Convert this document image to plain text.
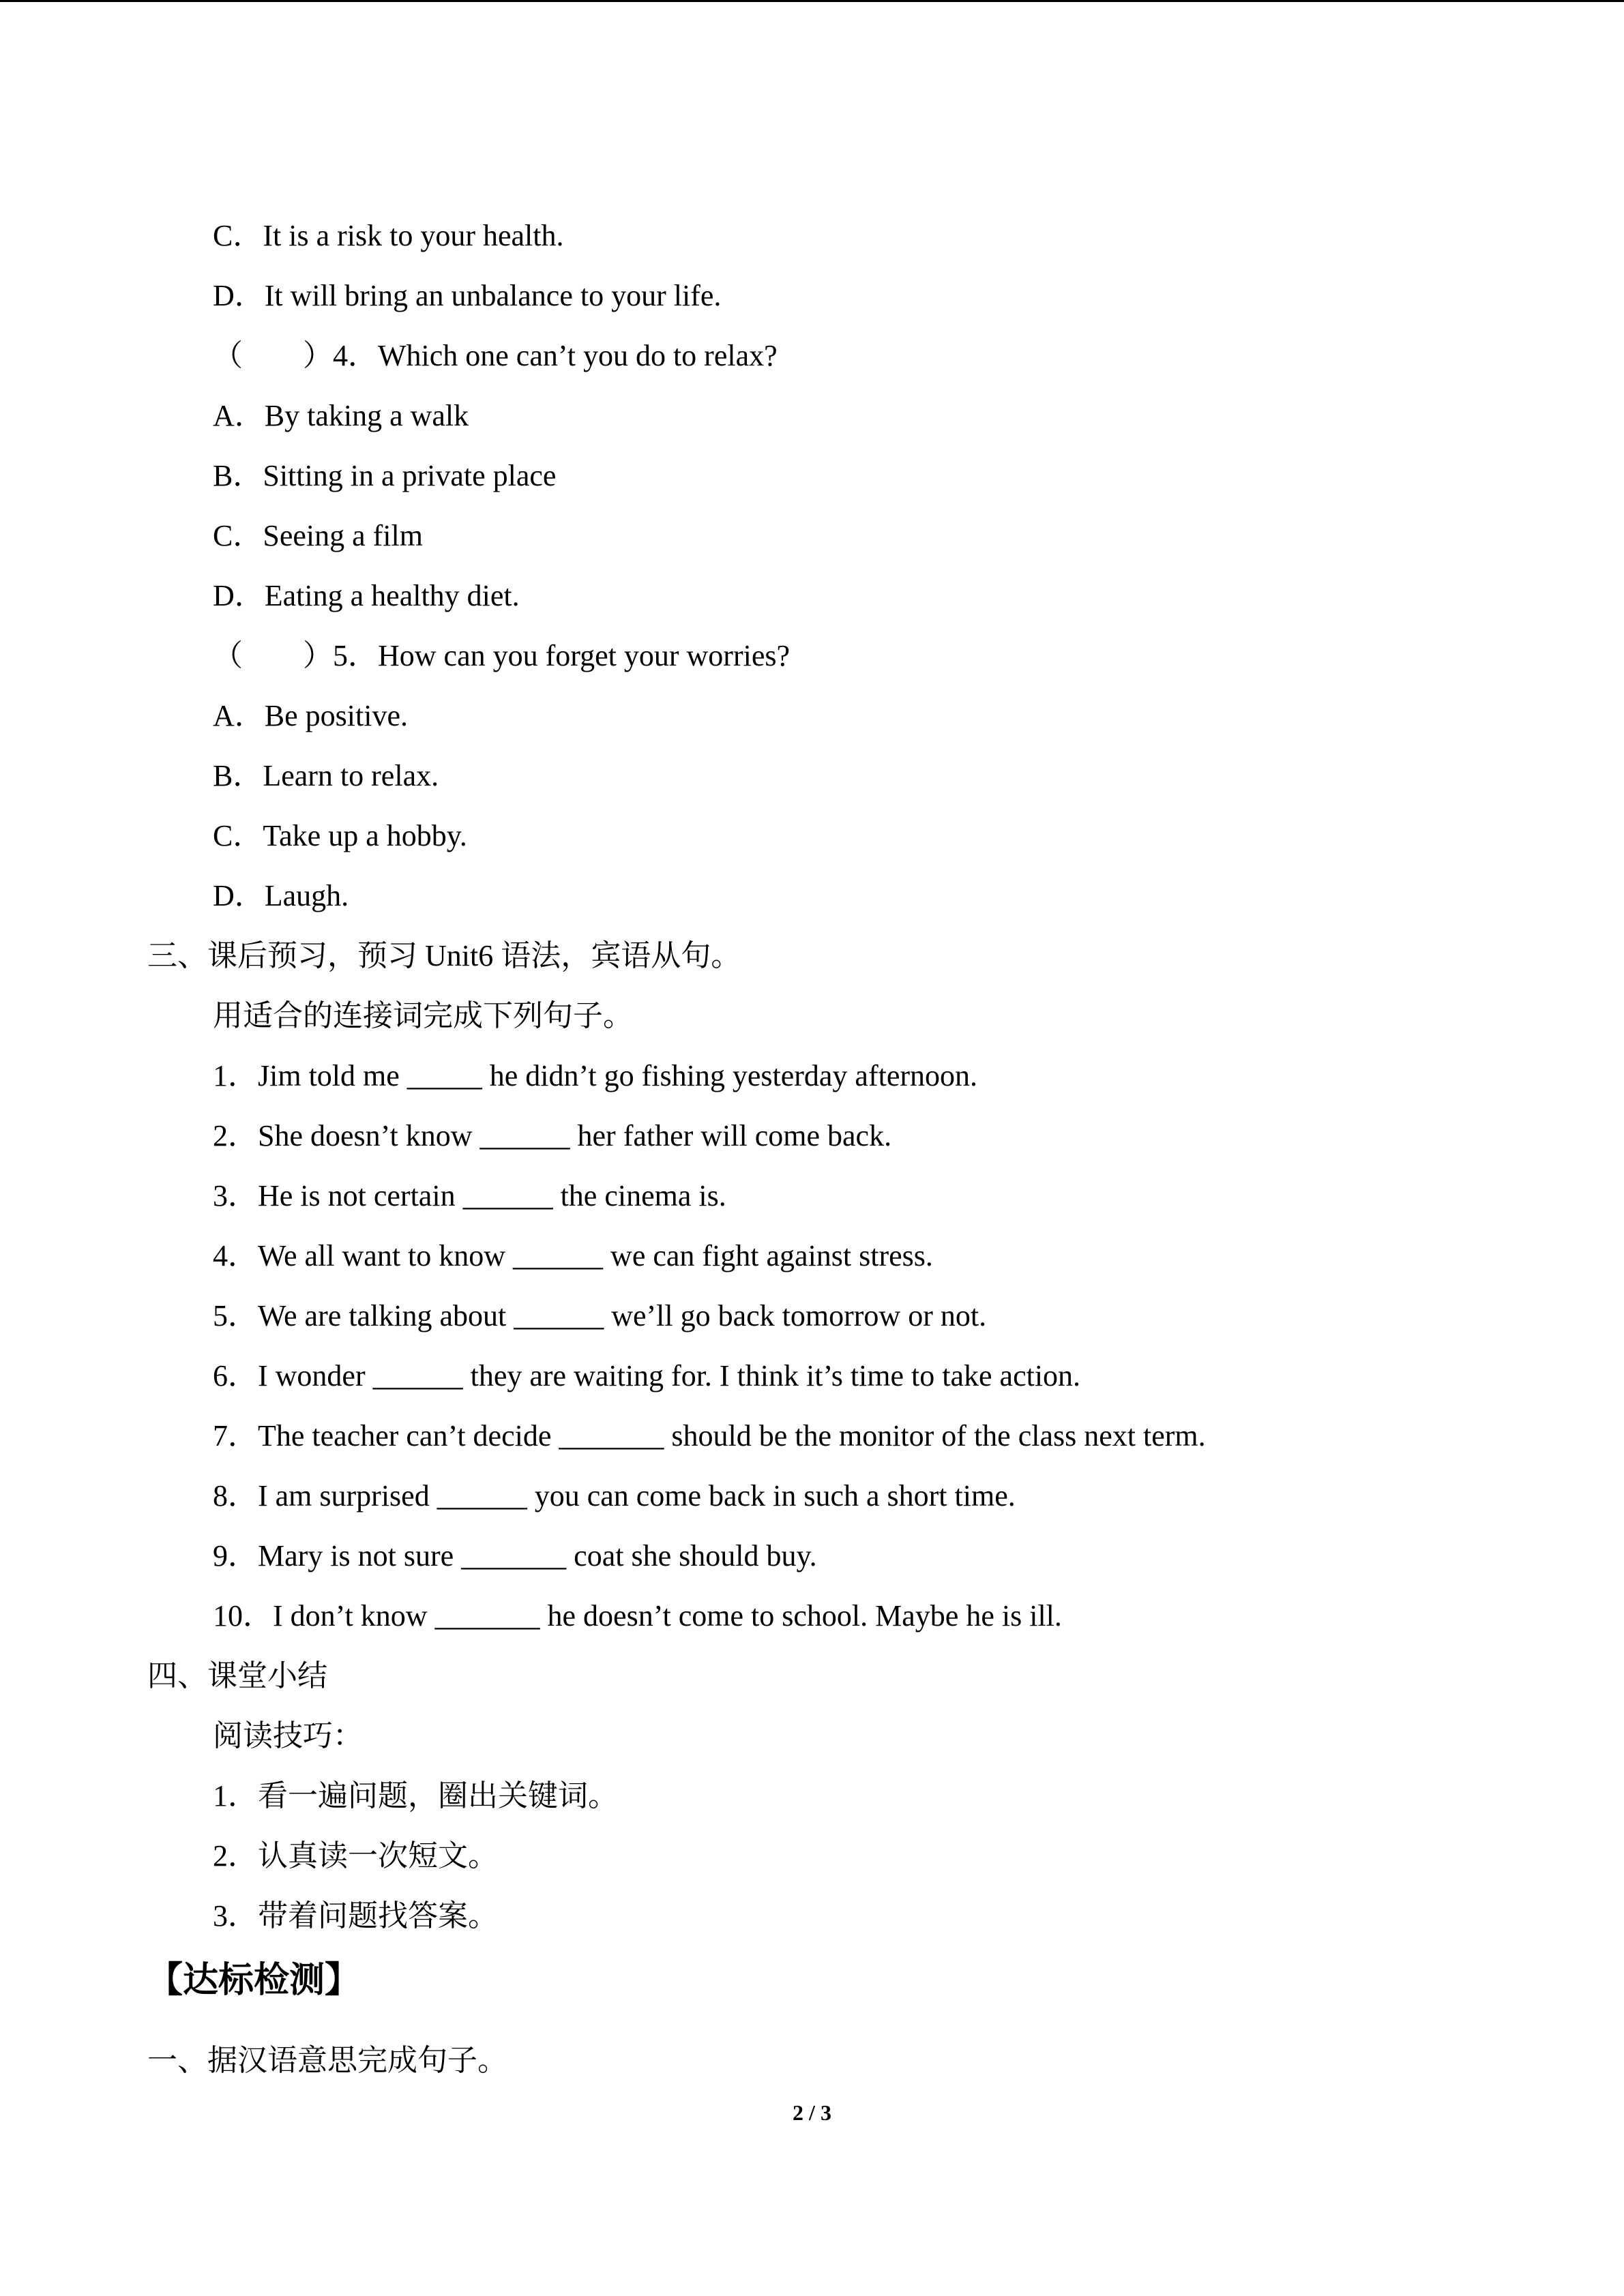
C．It is a risk to your health.
D．It will bring an unbalance to your life.
（　　）4．Which one can’t you do to relax?
A．By taking a walk
B．Sitting in a private place
C．Seeing a film
D．Eating a healthy diet.
（　　）5．How can you forget your worries?
A．Be positive.
B．Learn to relax.
C．Take up a hobby.
D．Laugh.
三、课后预习，预习 Unit6 语法，宾语从句。
用适合的连接词完成下列句子。
1．Jim told me _____ he didn’t go fishing yesterday afternoon.
2．She doesn’t know ______ her father will come back.
3．He is not certain ______ the cinema is.
4．We all want to know ______ we can fight against stress.
5．We are talking about ______ we’ll go back tomorrow or not.
6．I wonder ______ they are waiting for. I think it’s time to take action.
7．The teacher can’t decide _______ should be the monitor of the class next term.
8．I am surprised ______ you can come back in such a short time.
9．Mary is not sure _______ coat she should buy.
10．I don’t know _______ he doesn’t come to school. Maybe he is ill.
四、课堂小结
阅读技巧：
1．看一遍问题，圈出关键词。
2．认真读一次短文。
3．带着问题找答案。
【达标检测】
一、据汉语意思完成句子。
2 / 3
